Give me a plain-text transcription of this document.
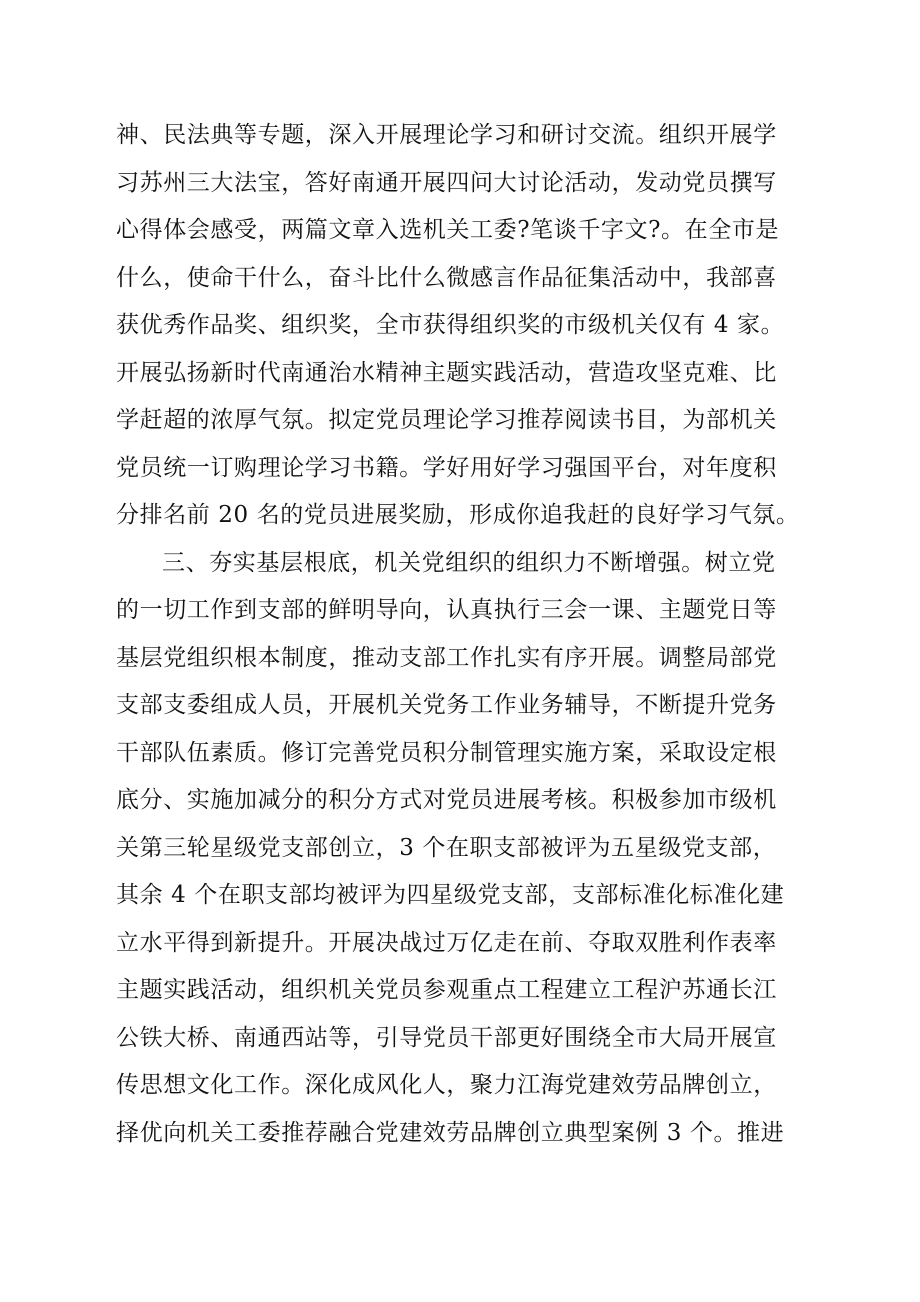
神、民法典等专题，深入开展理论学习和研讨交流。组织开展学
习苏州三大法宝，答好南通开展四问大讨论活动，发动党员撰写
心得体会感受，两篇文章入选机关工委?笔谈千字文?。在全市是
什么，使命干什么，奋斗比什么微感言作品征集活动中，我部喜
获优秀作品奖、组织奖，全市获得组织奖的市级机关仅有 4 家。
开展弘扬新时代南通治水精神主题实践活动，营造攻坚克难、比
学赶超的浓厚气氛。拟定党员理论学习推荐阅读书目，为部机关
党员统一订购理论学习书籍。学好用好学习强国平台，对年度积
分排名前 20 名的党员进展奖励，形成你追我赶的良好学习气氛。
三、夯实基层根底，机关党组织的组织力不断增强。树立党
的一切工作到支部的鲜明导向，认真执行三会一课、主题党日等
基层党组织根本制度，推动支部工作扎实有序开展。调整局部党
支部支委组成人员，开展机关党务工作业务辅导，不断提升党务
干部队伍素质。修订完善党员积分制管理实施方案，采取设定根
底分、实施加减分的积分方式对党员进展考核。积极参加市级机
关第三轮星级党支部创立，3 个在职支部被评为五星级党支部，
其余 4 个在职支部均被评为四星级党支部，支部标准化标准化建
立水平得到新提升。开展决战过万亿走在前、夺取双胜利作表率
主题实践活动，组织机关党员参观重点工程建立工程沪苏通长江
公铁大桥、南通西站等，引导党员干部更好围绕全市大局开展宣
传思想文化工作。深化成风化人，聚力江海党建效劳品牌创立，
择优向机关工委推荐融合党建效劳品牌创立典型案例 3 个。推进
